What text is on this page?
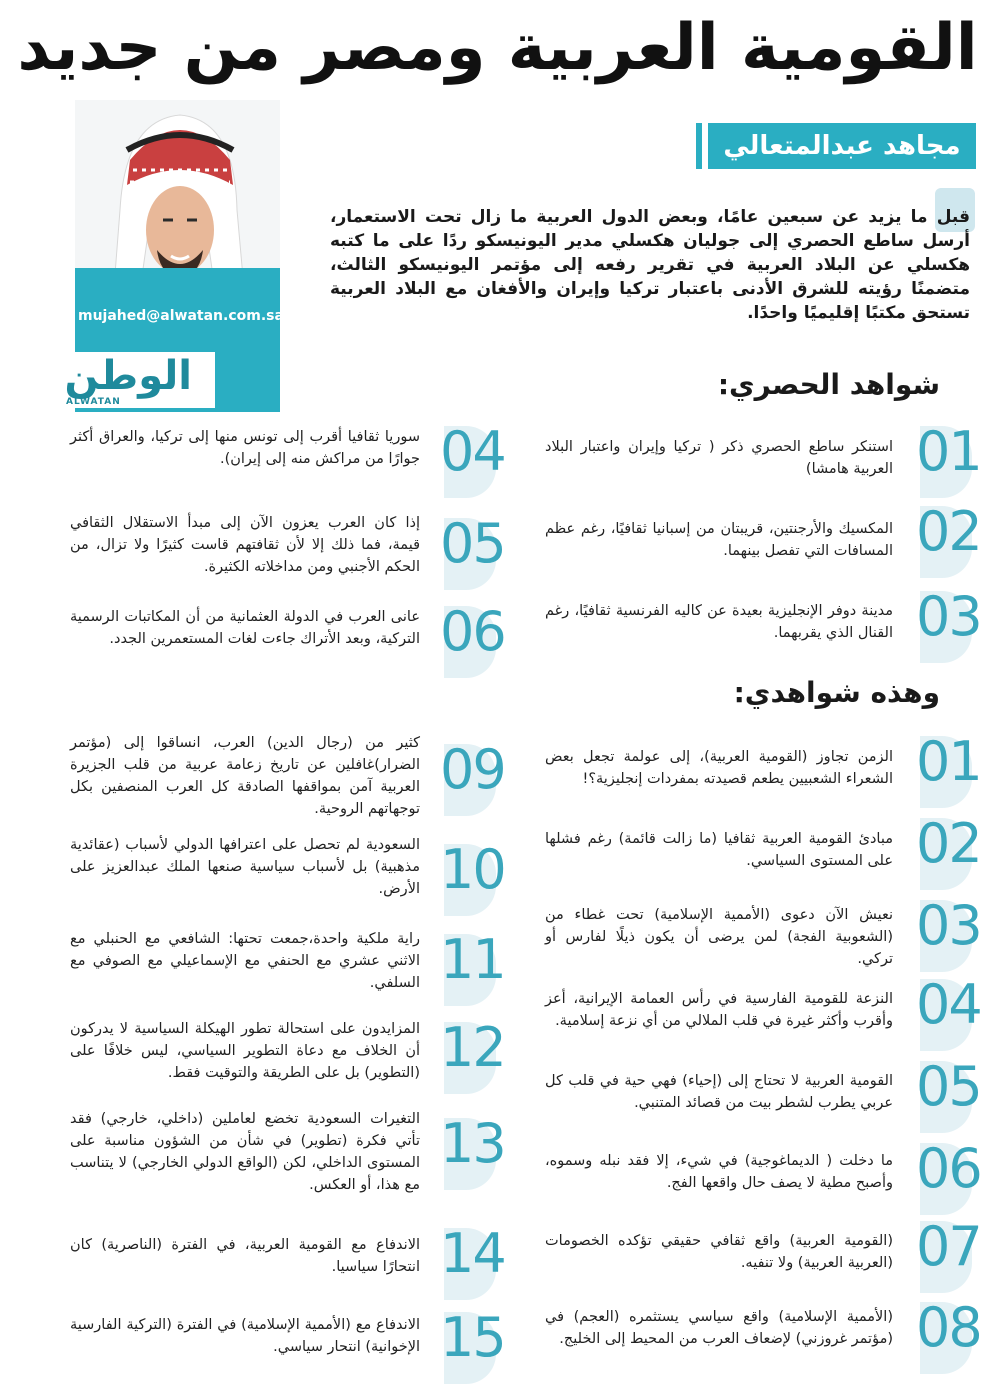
القومية العربية ومصر من جديد
مجاهد عبدالمتعالي
mujahed@alwatan.com.sa
الوطن
ALWATAN
قبل ما يزيد عن سبعين عامًا، وبعض الدول العربية ما زال تحت الاستعمار، أرسل ساطع الحصري إلى جوليان هكسلي مدير اليونيسكو ردًا على ما كتبه هكسلي عن البلاد العربية في تقرير رفعه إلى مؤتمر اليونيسكو الثالث، متضمنًا رؤيته للشرق الأدنى باعتبار تركيا وإيران والأفغان مع البلاد العربية تستحق مكتبًا إقليميًا واحدًا.
شواهد الحصري:
01
استنكر ساطع الحصري ذكر ( تركيا وإيران واعتبار البلاد العربية هامشا)
02
المكسيك والأرجنتين، قريبتان من إسبانيا ثقافيًا، رغم عظم المسافات التي تفصل بينهما.
03
مدينة دوفر الإنجليزية بعيدة عن كاليه الفرنسية ثقافيًا، رغم القنال الذي يقربهما.
04
سوريا ثقافيا أقرب إلى تونس منها إلى تركيا، والعراق أكثر جوارًا من مراكش منه إلى إيران).
05
إذا كان العرب يعزون الآن إلى مبدأ الاستقلال الثقافي قيمة، فما ذلك إلا لأن ثقافتهم قاست كثيرًا ولا تزال، من الحكم الأجنبي ومن مداخلاته الكثيرة.
06
عانى العرب في الدولة العثمانية من أن المكاتبات الرسمية التركية، وبعد الأتراك جاءت لغات المستعمرين الجدد.
وهذه شواهدي:
01
الزمن تجاوز (القومية العربية)، إلى عولمة تجعل بعض الشعراء الشعبيين يطعم قصيدته بمفردات إنجليزية؟!
02
مبادئ القومية العربية ثقافيا (ما زالت قائمة) رغم فشلها على المستوى السياسي.
03
نعيش الآن دعوى (الأممية الإسلامية) تحت غطاء من (الشعوبية الفجة) لمن يرضى أن يكون ذيلًا لفارس أو تركي.
04
النزعة للقومية الفارسية في رأس العمامة الإيرانية، أعز وأقرب وأكثر غيرة في قلب الملالي من أي نزعة إسلامية.
05
القومية العربية لا تحتاج إلى (إحياء) فهي حية في قلب كل عربي يطرب لشطر بيت من قصائد المتنبي.
06
ما دخلت ( الديماغوجية) في شيء، إلا فقد نبله وسموه، وأصبح مطية لا يصف حال واقعها الفج.
07
(القومية العربية) واقع ثقافي حقيقي تؤكده الخصومات (العربية العربية) ولا تنفيه.
08
(الأممية الإسلامية) واقع سياسي يستثمره (العجم) في (مؤتمر غروزني) لإضعاف العرب من المحيط إلى الخليج.
09
كثير من (رجال الدين) العرب، انساقوا إلى (مؤتمر الضرار)غافلين عن تاريخ زعامة عربية من قلب الجزيرة العربية آمن بمواقفها الصادقة كل العرب المنصفين بكل توجهاتهم الروحية.
10
السعودية لم تحصل على اعترافها الدولي لأسباب (عقائدية مذهبية) بل لأسباب سياسية صنعها الملك عبدالعزيز على الأرض.
11
راية ملكية واحدة،جمعت تحتها: الشافعي مع الحنبلي مع الاثني عشري مع الحنفي مع الإسماعيلي مع الصوفي مع السلفي.
12
المزايدون على استحالة تطور الهيكلة السياسية لا يدركون أن الخلاف مع دعاة التطوير السياسي، ليس خلافًا على (التطوير) بل على الطريقة والتوقيت فقط.
13
التغيرات السعودية تخضع لعاملين (داخلي، خارجي) فقد تأتي فكرة (تطوير) في شأن من الشؤون مناسبة على المستوى الداخلي، لكن (الواقع الدولي الخارجي) لا يتناسب مع هذا، أو العكس.
14
الاندفاع مع القومية العربية، في الفترة (الناصرية) كان انتحارًا سياسيا.
15
الاندفاع مع (الأممية الإسلامية) في الفترة (التركية الفارسية الإخوانية) انتحار سياسي.
